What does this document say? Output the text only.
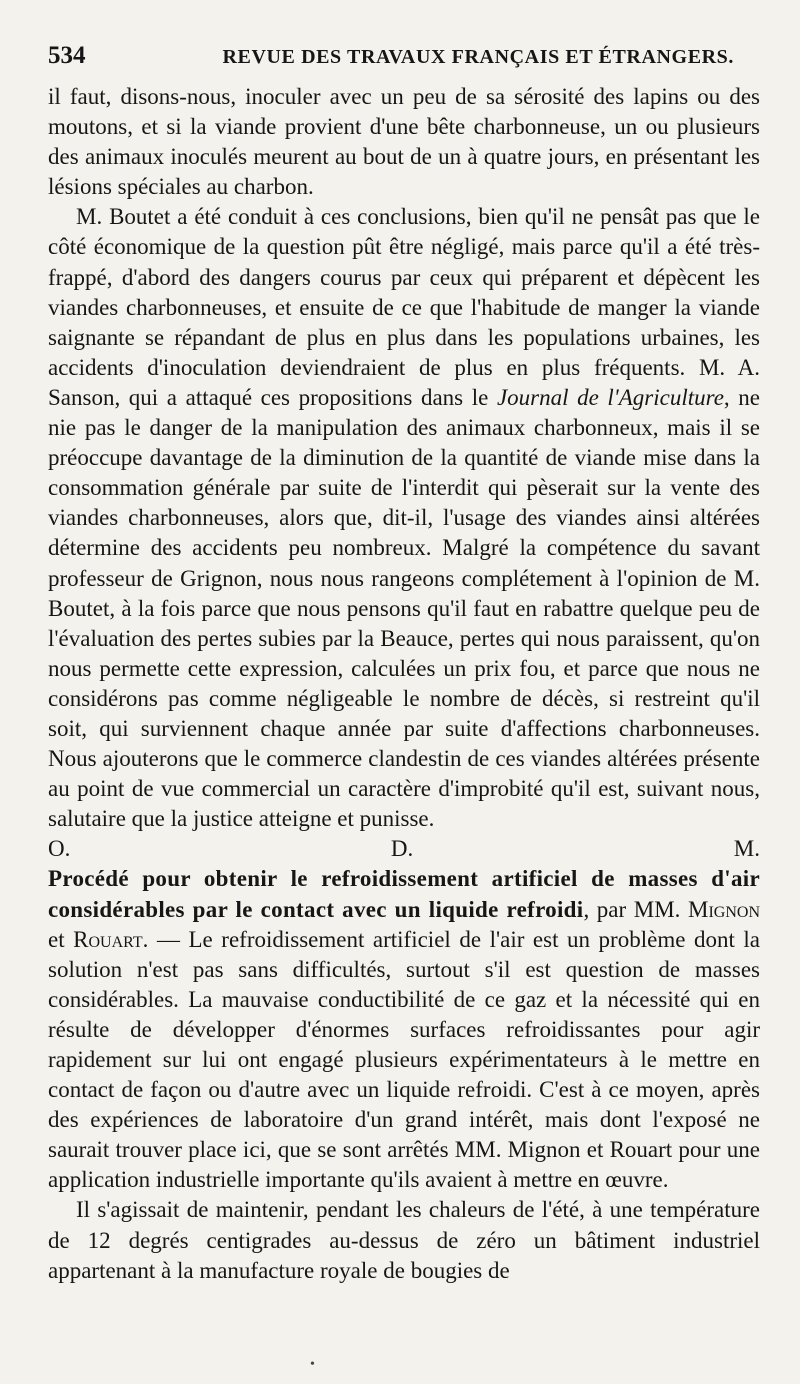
534	REVUE DES TRAVAUX FRANÇAIS ET ÉTRANGERS.

il faut, disons-nous, inoculer avec un peu de sa sérosité des lapins ou des moutons, et si la viande provient d'une bête charbonneuse, un ou plusieurs des animaux inoculés meurent au bout de un à quatre jours, en présentant les lésions spéciales au charbon.

M. Boutet a été conduit à ces conclusions, bien qu'il ne pensât pas que le côté économique de la question pût être négligé, mais parce qu'il a été très-frappé, d'abord des dangers courus par ceux qui préparent et dépècent les viandes charbonneuses, et ensuite de ce que l'habitude de manger la viande saignante se répandant de plus en plus dans les populations urbaines, les accidents d'inoculation deviendraient de plus en plus fréquents. M. A. Sanson, qui a attaqué ces propositions dans le Journal de l'Agriculture, ne nie pas le danger de la manipulation des animaux charbonneux, mais il se préoccupe davantage de la diminution de la quantité de viande mise dans la consommation générale par suite de l'interdit qui pèserait sur la vente des viandes charbonneuses, alors que, dit-il, l'usage des viandes ainsi altérées détermine des accidents peu nombreux. Malgré la compétence du savant professeur de Grignon, nous nous rangeons complétement à l'opinion de M. Boutet, à la fois parce que nous pensons qu'il faut en rabattre quelque peu de l'évaluation des pertes subies par la Beauce, pertes qui nous paraissent, qu'on nous permette cette expression, calculées un prix fou, et parce que nous ne considérons pas comme négligeable le nombre de décès, si restreint qu'il soit, qui surviennent chaque année par suite d'affections charbonneuses. Nous ajouterons que le commerce clandestin de ces viandes altérées présente au point de vue commercial un caractère d'improbité qu'il est, suivant nous, salutaire que la justice atteigne et punisse.

O. D. M.

Procédé pour obtenir le refroidissement artificiel de masses d'air considérables par le contact avec un liquide refroidi, par MM. Mignon et Rouart. — Le refroidissement artificiel de l'air est un problème dont la solution n'est pas sans difficultés, surtout s'il est question de masses considérables. La mauvaise conductibilité de ce gaz et la nécessité qui en résulte de développer d'énormes surfaces refroidissantes pour agir rapidement sur lui ont engagé plusieurs expérimentateurs à le mettre en contact de façon ou d'autre avec un liquide refroidi. C'est à ce moyen, après des expériences de laboratoire d'un grand intérêt, mais dont l'exposé ne saurait trouver place ici, que se sont arrêtés MM. Mignon et Rouart pour une application industrielle importante qu'ils avaient à mettre en œuvre.

Il s'agissait de maintenir, pendant les chaleurs de l'été, à une température de 12 degrés centigrades au-dessus de zéro un bâtiment industriel appartenant à la manufacture royale de bougies de

•
